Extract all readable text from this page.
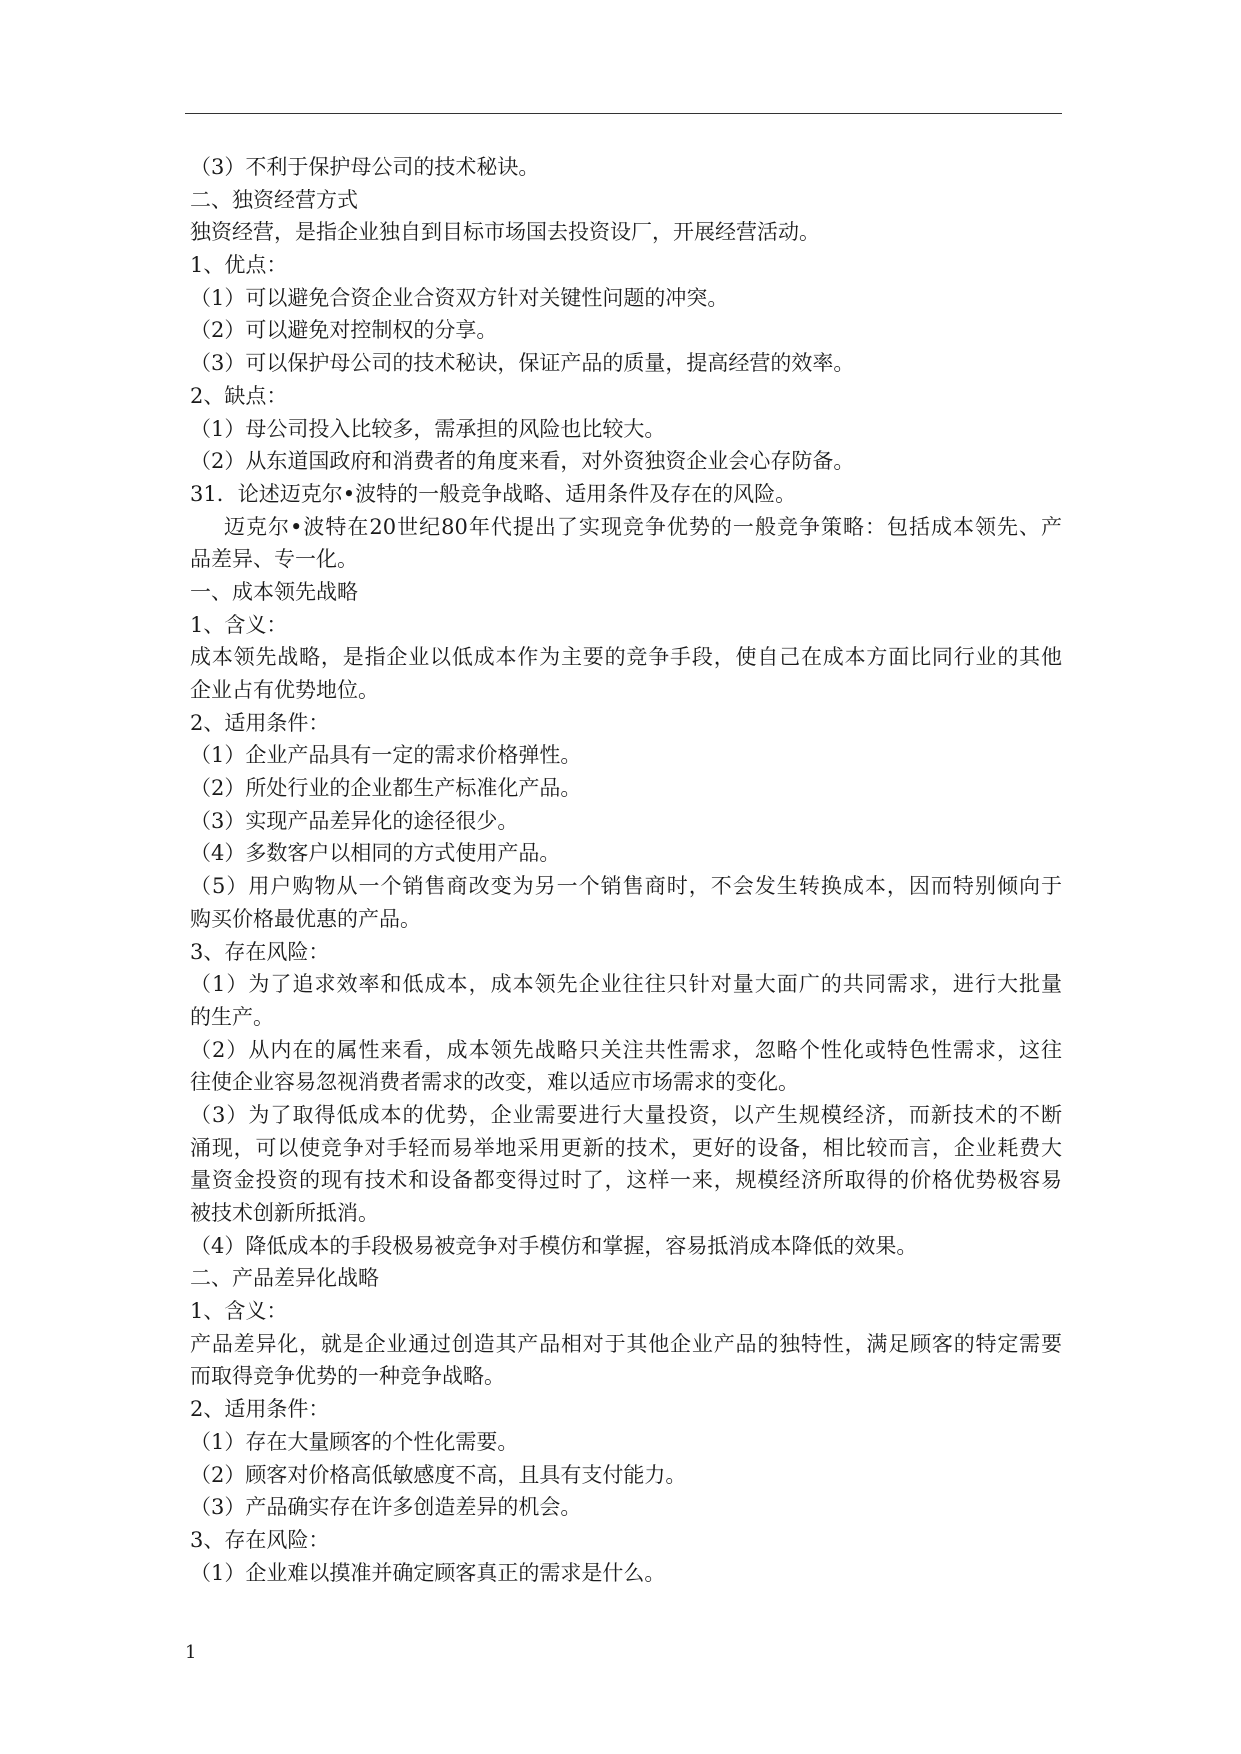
（3）不利于保护母公司的技术秘诀。
二、独资经营方式
独资经营，是指企业独自到目标市场国去投资设厂，开展经营活动。
1、优点：
（1）可以避免合资企业合资双方针对关键性问题的冲突。
（2）可以避免对控制权的分享。
（3）可以保护母公司的技术秘诀，保证产品的质量，提高经营的效率。
2、缺点：
（1）母公司投入比较多，需承担的风险也比较大。
（2）从东道国政府和消费者的角度来看，对外资独资企业会心存防备。
31．论述迈克尔•波特的一般竞争战略、适用条件及存在的风险。
迈克尔•波特在20世纪80年代提出了实现竞争优势的一般竞争策略：包括成本领先、产
品差异、专一化。
一、成本领先战略
1、含义：
成本领先战略，是指企业以低成本作为主要的竞争手段，使自己在成本方面比同行业的其他
企业占有优势地位。
2、适用条件：
（1）企业产品具有一定的需求价格弹性。
（2）所处行业的企业都生产标准化产品。
（3）实现产品差异化的途径很少。
（4）多数客户以相同的方式使用产品。
（5）用户购物从一个销售商改变为另一个销售商时，不会发生转换成本，因而特别倾向于
购买价格最优惠的产品。
3、存在风险：
（1）为了追求效率和低成本，成本领先企业往往只针对量大面广的共同需求，进行大批量
的生产。
（2）从内在的属性来看，成本领先战略只关注共性需求，忽略个性化或特色性需求，这往
往使企业容易忽视消费者需求的改变，难以适应市场需求的变化。
（3）为了取得低成本的优势，企业需要进行大量投资，以产生规模经济，而新技术的不断
涌现，可以使竞争对手轻而易举地采用更新的技术，更好的设备，相比较而言，企业耗费大
量资金投资的现有技术和设备都变得过时了，这样一来，规模经济所取得的价格优势极容易
被技术创新所抵消。
（4）降低成本的手段极易被竞争对手模仿和掌握，容易抵消成本降低的效果。
二、产品差异化战略
1、含义：
产品差异化，就是企业通过创造其产品相对于其他企业产品的独特性，满足顾客的特定需要
而取得竞争优势的一种竞争战略。
2、适用条件：
（1）存在大量顾客的个性化需要。
（2）顾客对价格高低敏感度不高，且具有支付能力。
（3）产品确实存在许多创造差异的机会。
3、存在风险：
（1）企业难以摸准并确定顾客真正的需求是什么。
1
